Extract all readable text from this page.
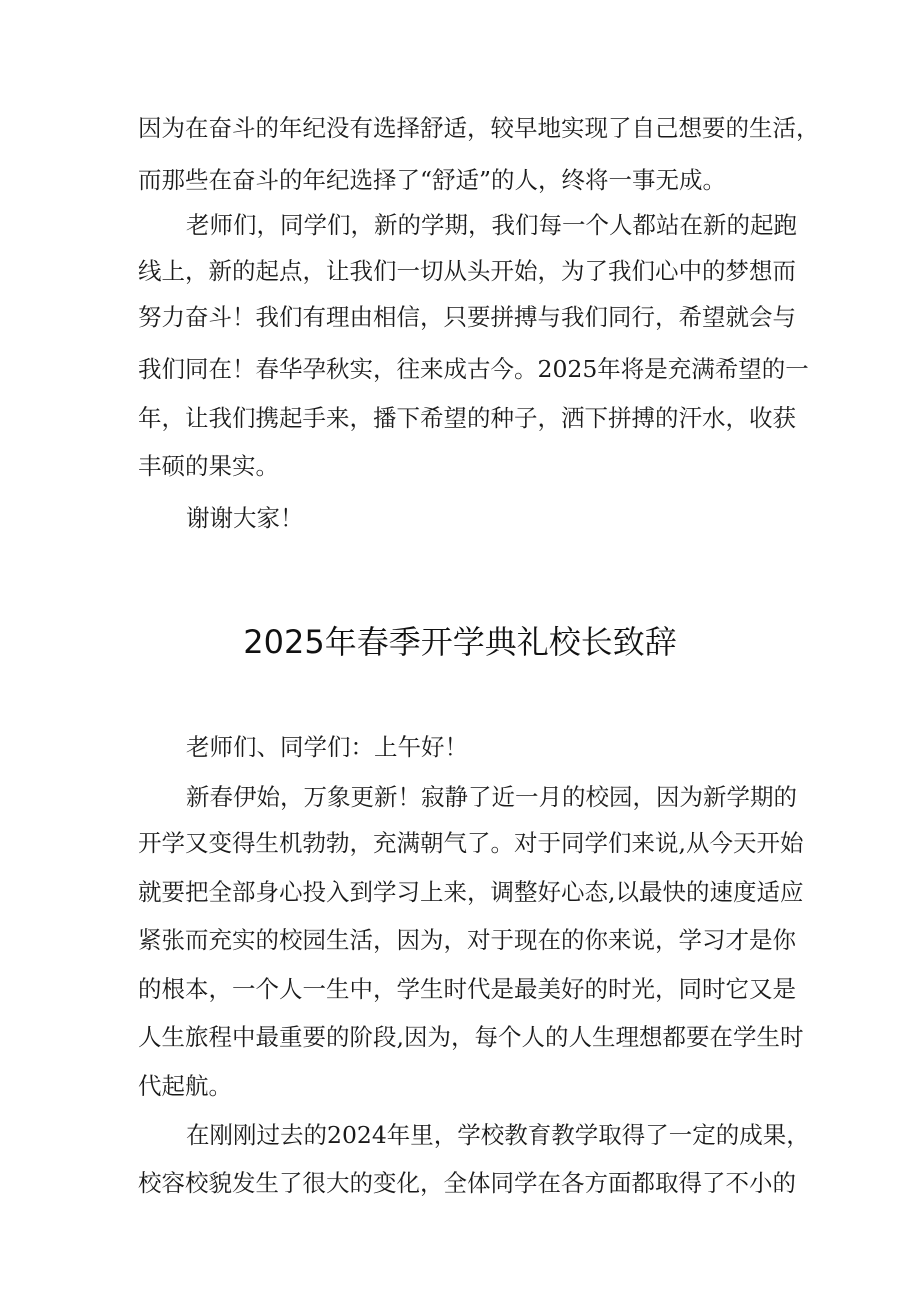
因为在奋斗的年纪没有选择舒适，较早地实现了自己想要的生活，
而那些在奋斗的年纪选择了“舒适”的人，终将一事无成。
老师们，同学们，新的学期，我们每一个人都站在新的起跑
线上，新的起点，让我们一切从头开始，为了我们心中的梦想而
努力奋斗！我们有理由相信，只要拼搏与我们同行，希望就会与
我们同在！春华孕秋实，往来成古今。2025年将是充满希望的一
年，让我们携起手来，播下希望的种子，洒下拼搏的汗水，收获
丰硕的果实。
谢谢大家！
2025年春季开学典礼校长致辞
老师们、同学们：上午好！
新春伊始，万象更新！寂静了近一月的校园，因为新学期的
开学又变得生机勃勃，充满朝气了。对于同学们来说,从今天开始
就要把全部身心投入到学习上来，调整好心态,以最快的速度适应
紧张而充实的校园生活，因为，对于现在的你来说，学习才是你
的根本，一个人一生中，学生时代是最美好的时光，同时它又是
人生旅程中最重要的阶段,因为，每个人的人生理想都要在学生时
代起航。
在刚刚过去的2024年里，学校教育教学取得了一定的成果，
校容校貌发生了很大的变化，全体同学在各方面都取得了不小的
